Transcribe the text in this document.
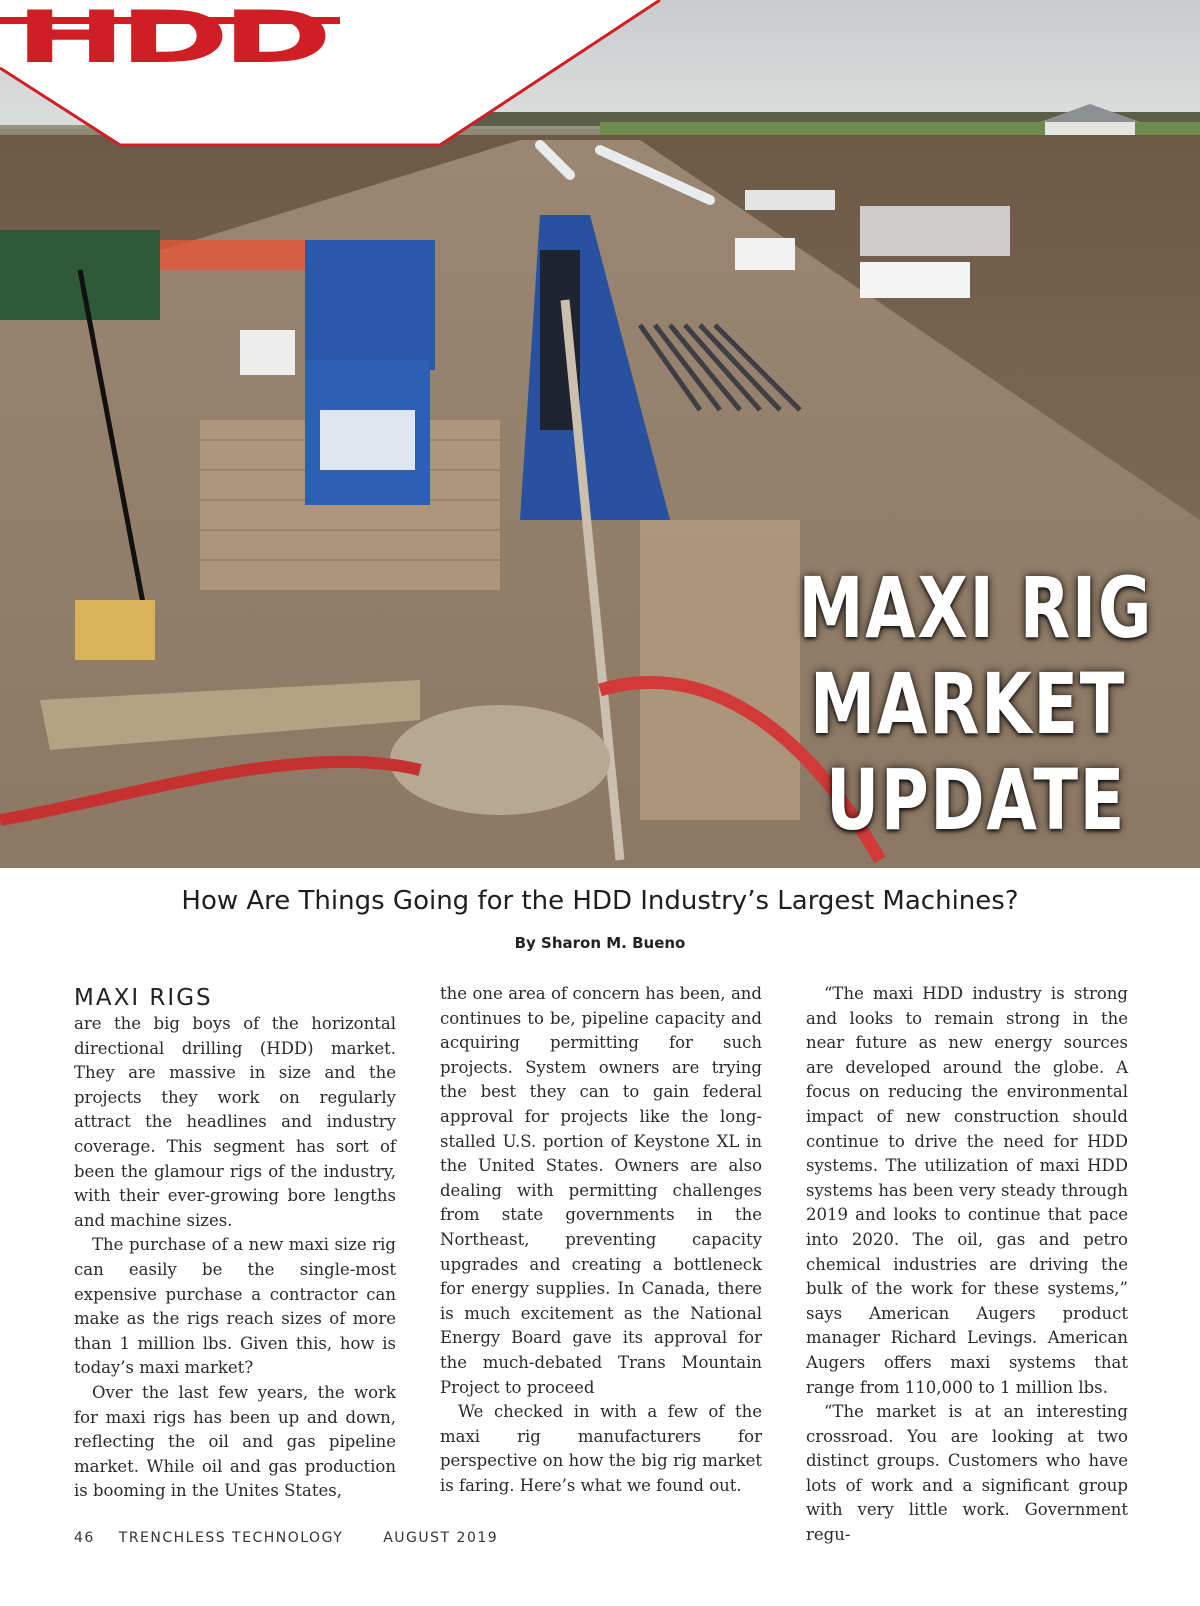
HDD
MAXI RIG
MARKET
UPDATE
How Are Things Going for the HDD Industry’s Largest Machines?
By Sharon M. Bueno
MAXI RIGS

are the big boys of the horizontal directional drilling (HDD) market. They are massive in size and the projects they work on regularly attract the headlines and industry coverage. This segment has sort of been the glamour rigs of the industry, with their ever-growing bore lengths and machine sizes.

The purchase of a new maxi size rig can easily be the single-most expensive purchase a contractor can make as the rigs reach sizes of more than 1 million lbs. Given this, how is today’s maxi market?

Over the last few years, the work for maxi rigs has been up and down, reflecting the oil and gas pipeline market. While oil and gas production is booming in the Unites States,

the one area of concern has been, and continues to be, pipeline capacity and acquiring permitting for such projects. System owners are trying the best they can to gain federal approval for projects like the long-stalled U.S. portion of Keystone XL in the United States. Owners are also dealing with permitting challenges from state governments in the Northeast, preventing capacity upgrades and creating a bottleneck for energy supplies. In Canada, there is much excitement as the National Energy Board gave its approval for the much-debated Trans Mountain Project to proceed

We checked in with a few of the maxi rig manufacturers for perspective on how the big rig market is faring. Here’s what we found out.

“The maxi HDD industry is strong and looks to remain strong in the near future as new energy sources are developed around the globe. A focus on reducing the environmental impact of new construction should continue to drive the need for HDD systems. The utilization of maxi HDD systems has been very steady through 2019 and looks to continue that pace into 2020. The oil, gas and petro chemical industries are driving the bulk of the work for these systems,” says American Augers product manager Richard Levings. American Augers offers maxi systems that range from 110,000 to 1 million lbs.

“The market is at an interesting crossroad. You are looking at two distinct groups. Customers who have lots of work and a significant group with very little work. Government regu-

46 TRENCHLESS TECHNOLOGY	AUGUST 2019
